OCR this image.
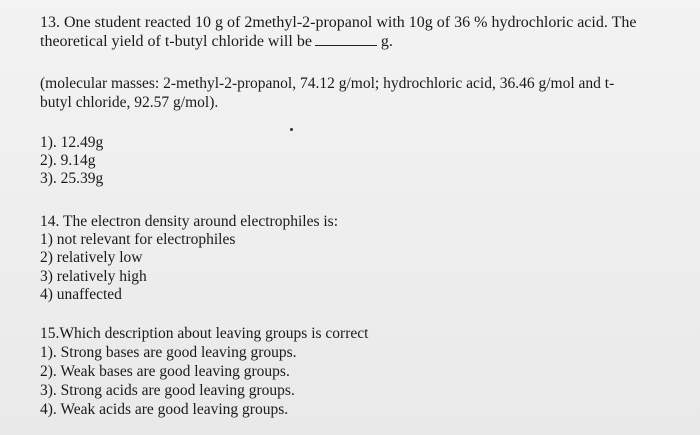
13. One student reacted 10 g of 2methyl-2-propanol with 10g of 36 % hydrochloric acid. The
theoretical yield of t-butyl chloride will be	g.
(molecular masses: 2-methyl-2-propanol, 74.12 g/mol; hydrochloric acid, 36.46 g/mol and t-
butyl chloride, 92.57 g/mol).
1). 12.49g
2). 9.14g
3). 25.39g
14. The electron density around electrophiles is:
1) not relevant for electrophiles
2) relatively low
3) relatively high
4) unaffected
15.Which description about leaving groups is correct
1). Strong bases are good leaving groups.
2). Weak bases are good leaving groups.
3). Strong acids are good leaving groups.
4). Weak acids are good leaving groups.
